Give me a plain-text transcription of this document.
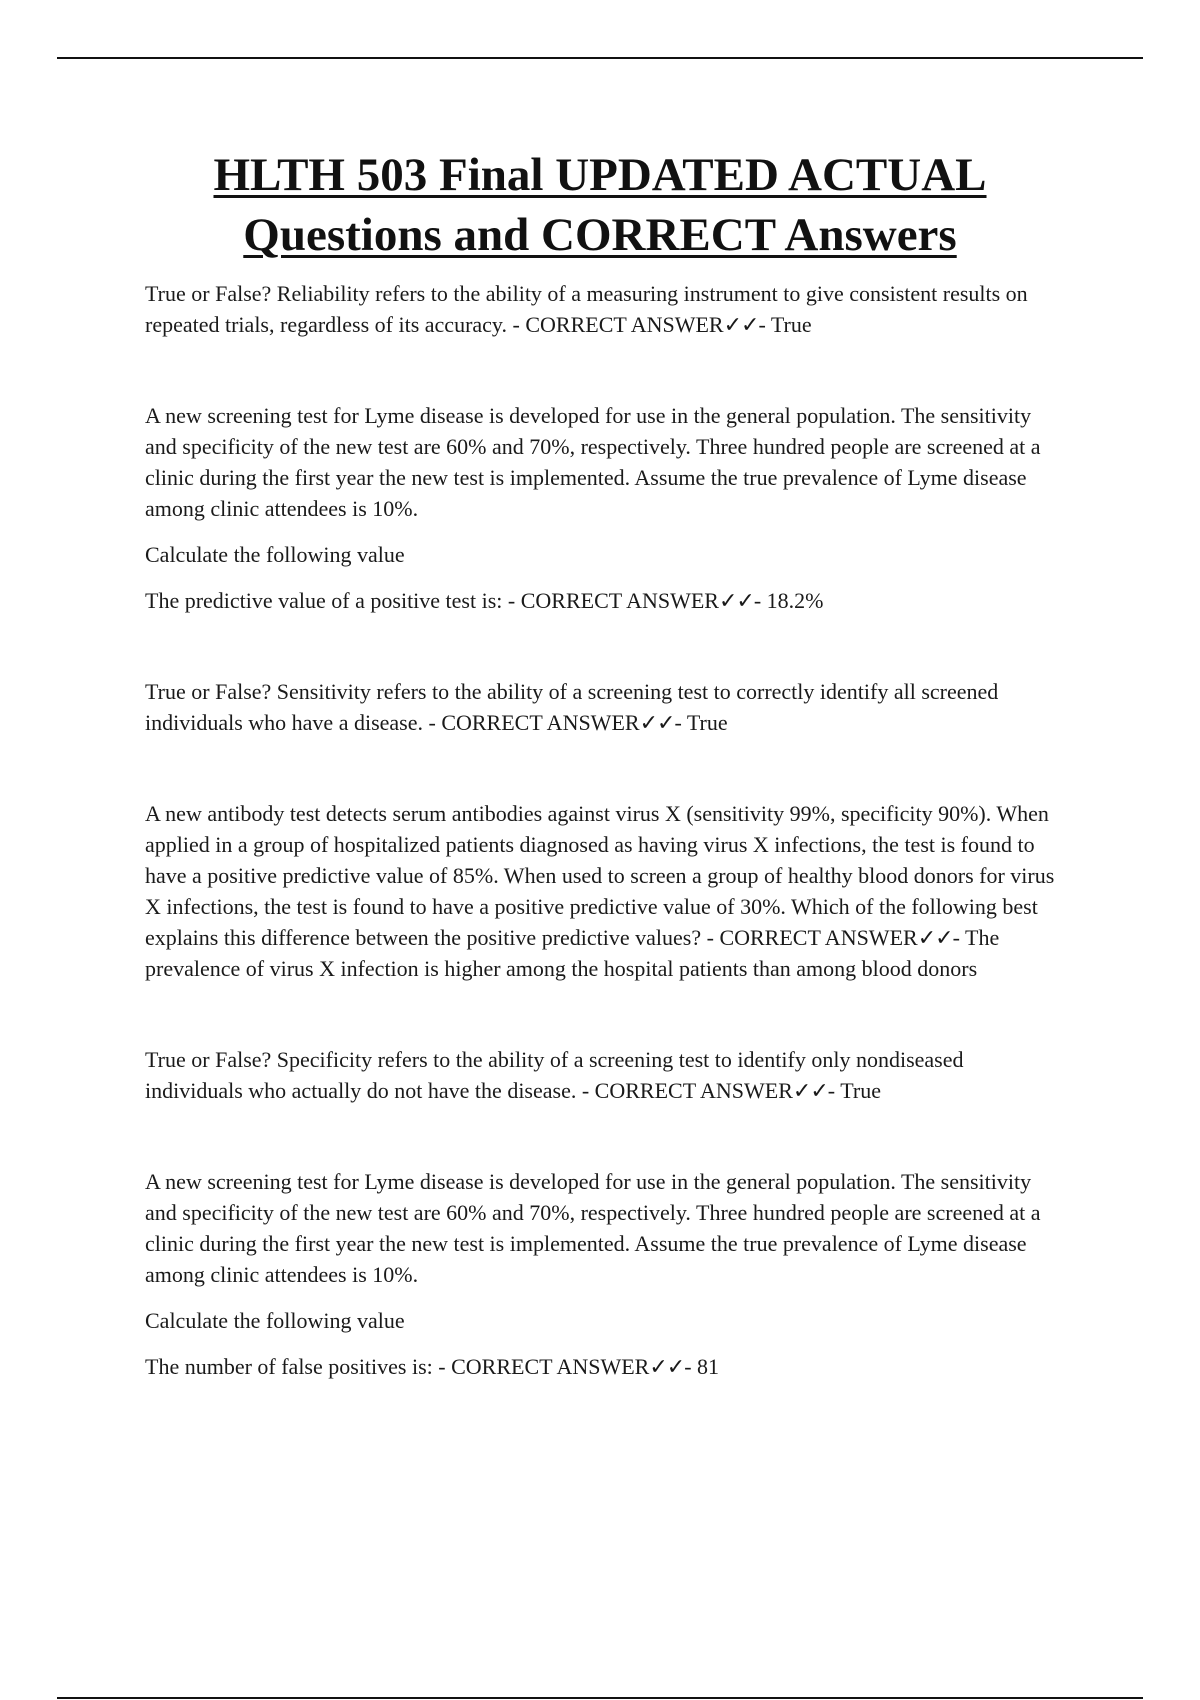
HLTH 503 Final UPDATED ACTUAL
Questions and CORRECT Answers

True or False? Reliability refers to the ability of a measuring instrument to give consistent results on repeated trials, regardless of its accuracy. - CORRECT ANSWER✓✓- True

A new screening test for Lyme disease is developed for use in the general population. The sensitivity and specificity of the new test are 60% and 70%, respectively. Three hundred people are screened at a clinic during the first year the new test is implemented. Assume the true prevalence of Lyme disease among clinic attendees is 10%.

Calculate the following value

The predictive value of a positive test is: - CORRECT ANSWER✓✓- 18.2%

True or False? Sensitivity refers to the ability of a screening test to correctly identify all screened individuals who have a disease. - CORRECT ANSWER✓✓- True

A new antibody test detects serum antibodies against virus X (sensitivity 99%, specificity 90%). When applied in a group of hospitalized patients diagnosed as having virus X infections, the test is found to have a positive predictive value of 85%. When used to screen a group of healthy blood donors for virus X infections, the test is found to have a positive predictive value of 30%. Which of the following best explains this difference between the positive predictive values? - CORRECT ANSWER✓✓- The prevalence of virus X infection is higher among the hospital patients than among blood donors

True or False? Specificity refers to the ability of a screening test to identify only nondiseased individuals who actually do not have the disease. - CORRECT ANSWER✓✓- True

A new screening test for Lyme disease is developed for use in the general population. The sensitivity and specificity of the new test are 60% and 70%, respectively. Three hundred people are screened at a clinic during the first year the new test is implemented. Assume the true prevalence of Lyme disease among clinic attendees is 10%.

Calculate the following value

The number of false positives is: - CORRECT ANSWER✓✓- 81
